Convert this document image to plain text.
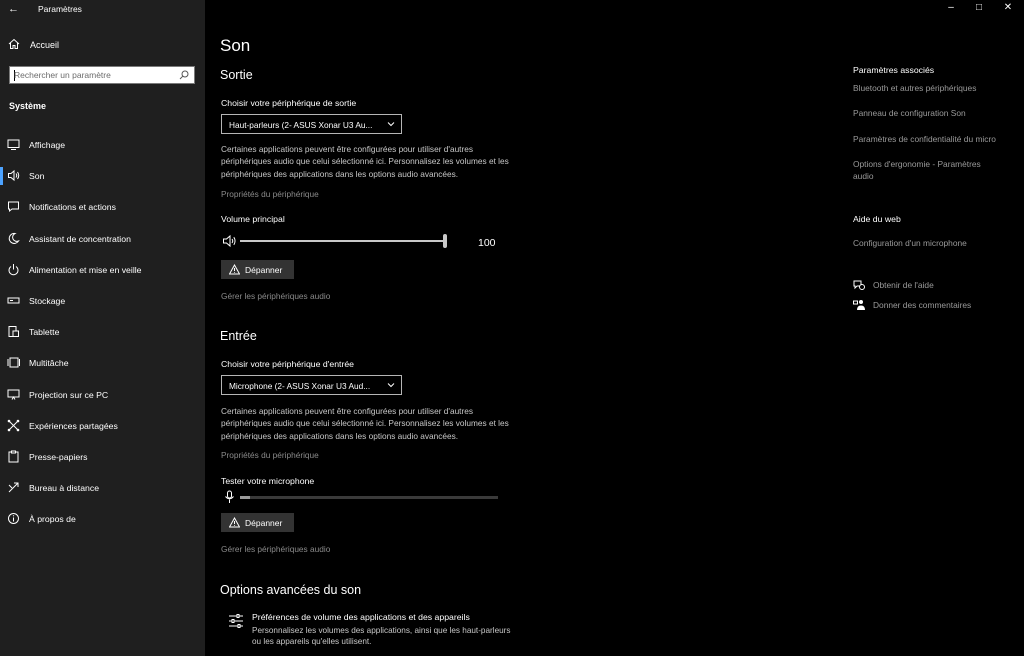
← Paramètres
Accueil
Rechercher un paramètre
Système
Affichage
Son
Notifications et actions
Assistant de concentration
Alimentation et mise en veille
Stockage
Tablette
Multitâche
Projection sur ce PC
Expériences partagées
Presse-papiers
Bureau à distance
À propos de
–	□ ✕
Son
Sortie
Choisir votre périphérique de sortie
Haut-parleurs (2- ASUS Xonar U3 Au...
Certaines applications peuvent être configurées pour utiliser d'autres périphériques audio que celui sélectionné ici. Personnalisez les volumes et les périphériques des applications dans les options audio avancées.
Propriétés du périphérique
Volume principal
100
Dépanner
Gérer les périphériques audio
Entrée
Choisir votre périphérique d'entrée
Microphone (2- ASUS Xonar U3 Aud...
Certaines applications peuvent être configurées pour utiliser d'autres périphériques audio que celui sélectionné ici. Personnalisez les volumes et les périphériques des applications dans les options audio avancées.
Propriétés du périphérique
Tester votre microphone
Dépanner
Gérer les périphériques audio
Options avancées du son
Préférences de volume des applications et des appareils
Personnalisez les volumes des applications, ainsi que les haut-parleurs ou les appareils qu'elles utilisent.
Paramètres associés
Bluetooth et autres périphériques
Panneau de configuration Son
Paramètres de confidentialité du micro
Options d'ergonomie - Paramètres audio
Aide du web
Configuration d'un microphone
Obtenir de l'aide
Donner des commentaires
